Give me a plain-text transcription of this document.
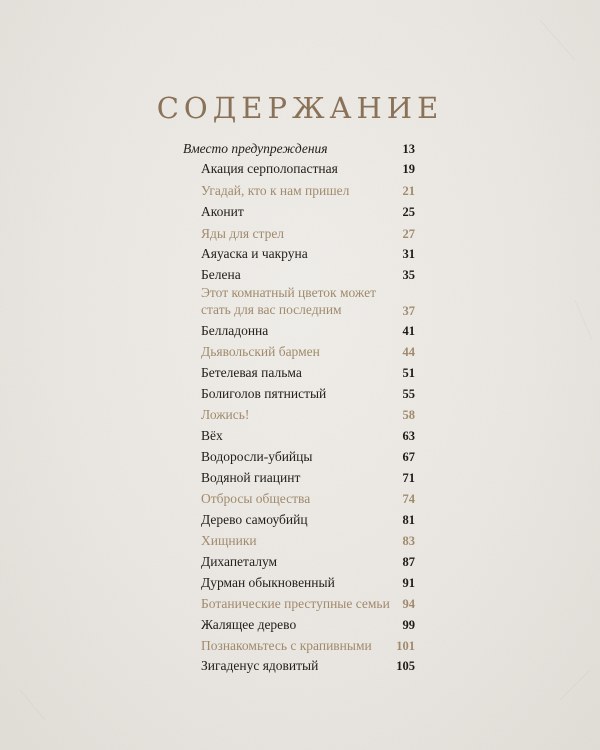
СОДЕРЖАНИЕ
Вместо предупреждения	13
Акация серполопастная	19
Угадай, кто к нам пришел	21
Аконит	25
Яды для стрел	27
Аяуаска и чакруна	31
Белена	35
Этот комнатный цветок может
стать для вас последним	37
Белладонна	41
Дьявольский бармен	44
Бетелевая пальма	51
Болиголов пятнистый	55
Ложись!	58
Вёх	63
Водоросли-убийцы	67
Водяной гиацинт	71
Отбросы общества	74
Дерево самоубийц	81
Хищники	83
Дихапеталум	87
Дурман обыкновенный	91
Ботанические преступные семьи 94
Жалящее дерево	99
Познакомьтесь с крапивными 101
Зигаденус ядовитый	105
